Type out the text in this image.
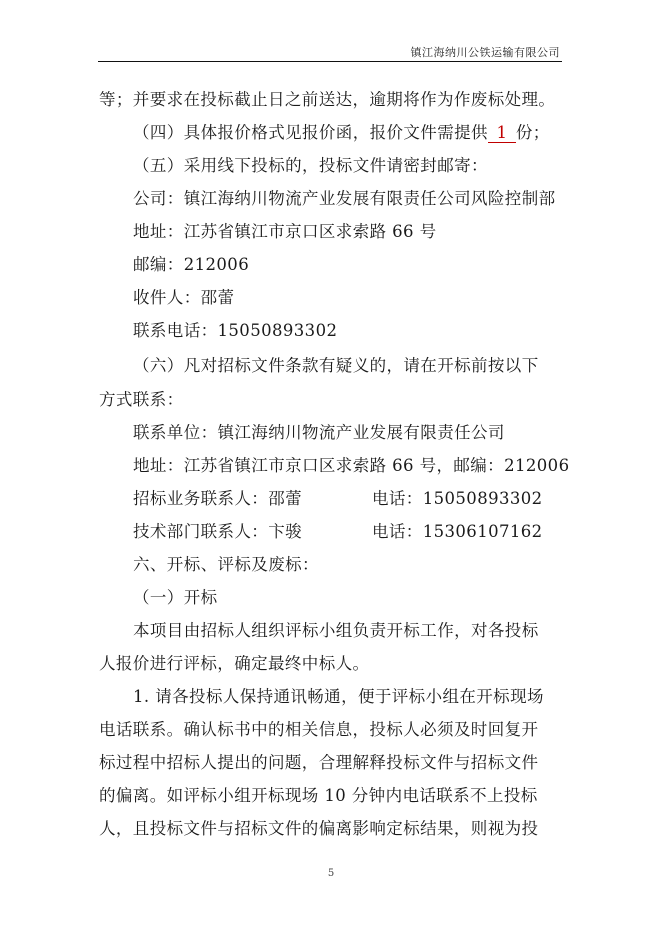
镇江海纳川公铁运输有限公司
等；并要求在投标截止日之前送达，逾期将作为作废标处理。
（四）具体报价格式见报价函，报价文件需提供 1 份；
（五）采用线下投标的，投标文件请密封邮寄：
公司：镇江海纳川物流产业发展有限责任公司风险控制部
地址：江苏省镇江市京口区求索路 66 号
邮编：212006
收件人：邵蕾
联系电话：15050893302
（六）凡对招标文件条款有疑义的，请在开标前按以下
方式联系：
联系单位：镇江海纳川物流产业发展有限责任公司
地址：江苏省镇江市京口区求索路 66 号，邮编：212006
招标业务联系人：邵蕾	电话：15050893302
技术部门联系人：卞骏	电话：15306107162
六、开标、评标及废标：
（一）开标
本项目由招标人组织评标小组负责开标工作，对各投标
人报价进行评标，确定最终中标人。
1. 请各投标人保持通讯畅通，便于评标小组在开标现场
电话联系。确认标书中的相关信息，投标人必须及时回复开
标过程中招标人提出的问题，合理解释投标文件与招标文件
的偏离。如评标小组开标现场 10 分钟内电话联系不上投标
人，且投标文件与招标文件的偏离影响定标结果，则视为投
5
